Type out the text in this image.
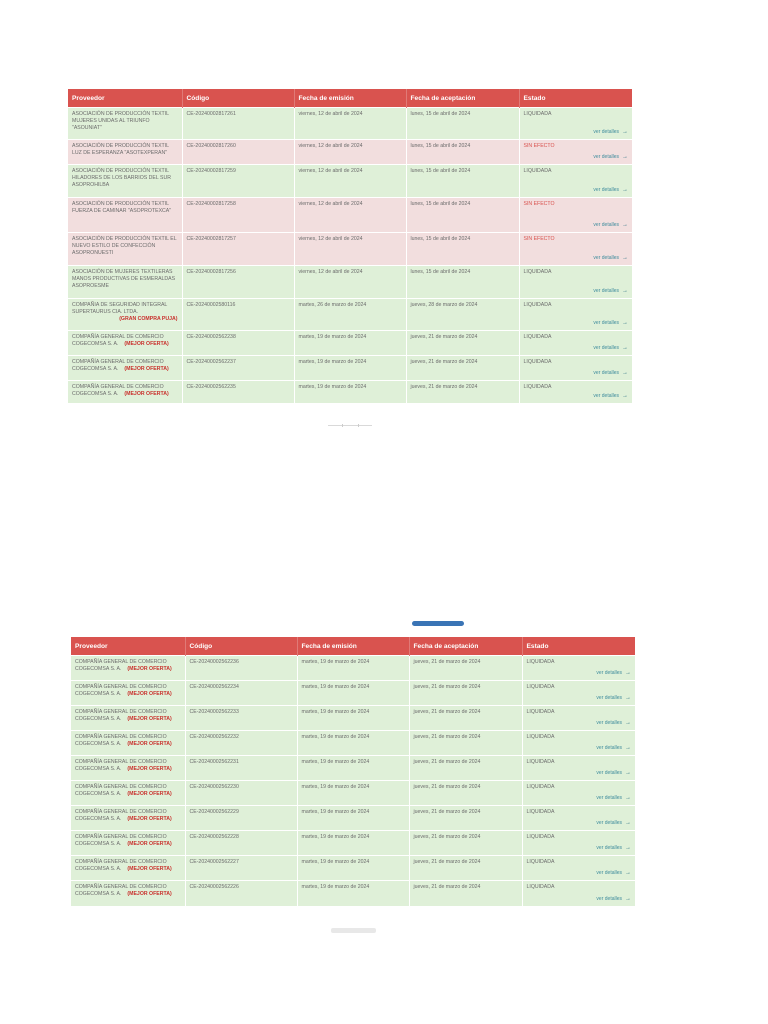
Proveedor	Código	Fecha de emisión	Fecha de aceptación	Estado
ASOCIACIÓN DE PRODUCCIÓN TEXTIL MUJERES UNIDAS AL TRIUNFO "ASOUNIAT"	CE-20240002817261	viernes, 12 de abril de 2024	lunes, 15 de abril de 2024	LIQUIDADA
ver detalles →

ASOCIACIÓN DE PRODUCCIÓN TEXTIL LUZ DE ESPERANZA "ASOTEXPERAN"	CE-20240002817260	viernes, 12 de abril de 2024	lunes, 15 de abril de 2024	SIN EFECTO
ver detalles →

ASOCIACIÓN DE PRODUCCIÓN TEXTIL HILADORES DE LOS BARRIOS DEL SUR ASOPROHILBA	CE-20240002817259	viernes, 12 de abril de 2024	lunes, 15 de abril de 2024	LIQUIDADA
ver detalles →

ASOCIACIÓN DE PRODUCCIÓN TEXTIL FUERZA DE CAMINAR "ASOPROTEXCA"	CE-20240002817258	viernes, 12 de abril de 2024	lunes, 15 de abril de 2024	SIN EFECTO
ver detalles →

ASOCIACIÓN DE PRODUCCIÓN TEXTIL EL NUEVO ESTILO DE CONFECCIÓN ASOPRONUESTI	CE-20240002817257	viernes, 12 de abril de 2024	lunes, 15 de abril de 2024	SIN EFECTO
ver detalles →

ASOCIACIÓN DE MUJERES TEXTILERAS MANOS PRODUCTIVAS DE ESMERALDAS ASOPROESME	CE-20240002817256	viernes, 12 de abril de 2024	lunes, 15 de abril de 2024	LIQUIDADA
ver detalles →

COMPAÑIA DE SEGURIDAD INTEGRAL SUPERTAURUS CIA. LTDA.
(GRAN COMPRA PUJA)	CE-20240002580116	martes, 26 de marzo de 2024	jueves, 28 de marzo de 2024	LIQUIDADA
ver detalles →

COMPAÑÍA GENERAL DE COMERCIO COGECOMSA S. A. (MEJOR OFERTA)	CE-20240002562238	martes, 19 de marzo de 2024	jueves, 21 de marzo de 2024	LIQUIDADA
ver detalles →

COMPAÑÍA GENERAL DE COMERCIO COGECOMSA S. A. (MEJOR OFERTA)	CE-20240002562237	martes, 19 de marzo de 2024	jueves, 21 de marzo de 2024	LIQUIDADA
ver detalles →

COMPAÑÍA GENERAL DE COMERCIO COGECOMSA S. A. (MEJOR OFERTA)	CE-20240002562235	martes, 19 de marzo de 2024	jueves, 21 de marzo de 2024	LIQUIDADA
ver detalles →
Proveedor	Código	Fecha de emisión	Fecha de aceptación	Estado
COMPAÑÍA GENERAL DE COMERCIO COGECOMSA S. A. (MEJOR OFERTA)	CE-20240002562236	martes, 19 de marzo de 2024	jueves, 21 de marzo de 2024	LIQUIDADA
ver detalles →

COMPAÑÍA GENERAL DE COMERCIO COGECOMSA S. A. (MEJOR OFERTA)	CE-20240002562234	martes, 19 de marzo de 2024	jueves, 21 de marzo de 2024	LIQUIDADA
ver detalles →

COMPAÑÍA GENERAL DE COMERCIO COGECOMSA S. A. (MEJOR OFERTA)	CE-20240002562233	martes, 19 de marzo de 2024	jueves, 21 de marzo de 2024	LIQUIDADA
ver detalles →

COMPAÑÍA GENERAL DE COMERCIO COGECOMSA S. A. (MEJOR OFERTA)	CE-20240002562232	martes, 19 de marzo de 2024	jueves, 21 de marzo de 2024	LIQUIDADA
ver detalles →

COMPAÑÍA GENERAL DE COMERCIO COGECOMSA S. A. (MEJOR OFERTA)	CE-20240002562231	martes, 19 de marzo de 2024	jueves, 21 de marzo de 2024	LIQUIDADA
ver detalles →

COMPAÑÍA GENERAL DE COMERCIO COGECOMSA S. A. (MEJOR OFERTA)	CE-20240002562230	martes, 19 de marzo de 2024	jueves, 21 de marzo de 2024	LIQUIDADA
ver detalles →

COMPAÑÍA GENERAL DE COMERCIO COGECOMSA S. A. (MEJOR OFERTA)	CE-20240002562229	martes, 19 de marzo de 2024	jueves, 21 de marzo de 2024	LIQUIDADA
ver detalles →

COMPAÑÍA GENERAL DE COMERCIO COGECOMSA S. A. (MEJOR OFERTA)	CE-20240002562228	martes, 19 de marzo de 2024	jueves, 21 de marzo de 2024	LIQUIDADA
ver detalles →

COMPAÑÍA GENERAL DE COMERCIO COGECOMSA S. A. (MEJOR OFERTA)	CE-20240002562227	martes, 19 de marzo de 2024	jueves, 21 de marzo de 2024	LIQUIDADA
ver detalles →

COMPAÑÍA GENERAL DE COMERCIO COGECOMSA S. A. (MEJOR OFERTA)	CE-20240002562226	martes, 19 de marzo de 2024	jueves, 21 de marzo de 2024	LIQUIDADA
ver detalles →
